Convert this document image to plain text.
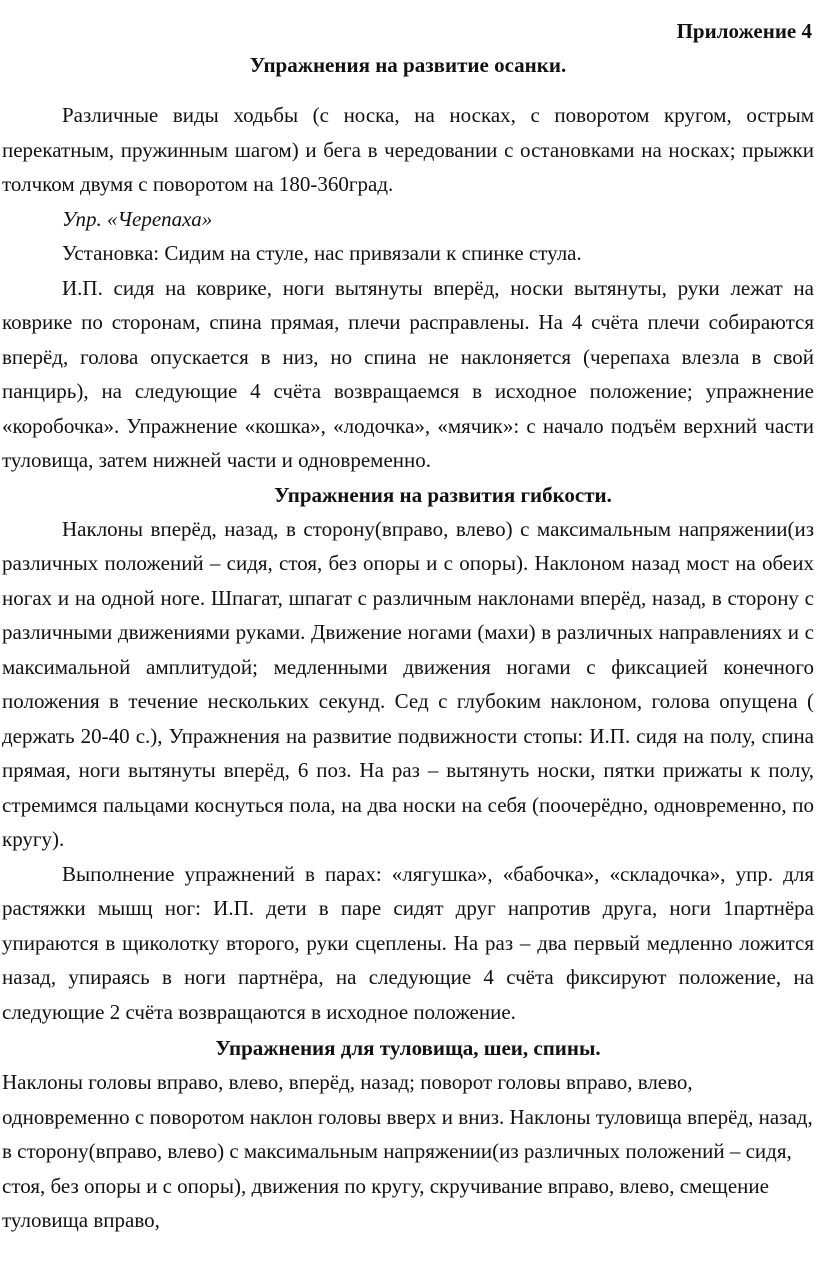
Приложение 4
Упражнения на развитие осанки.

Различные виды ходьбы (с носка, на носках, с поворотом кругом, острым перекатным, пружинным шагом) и бега в чередовании с остановками на носках; прыжки толчком двумя с поворотом на 180-360град.

Упр. «Черепаха»

Установка: Сидим на стуле, нас привязали к спинке стула.

И.П. сидя на коврике, ноги вытянуты вперёд, носки вытянуты, руки лежат на коврике по сторонам, спина прямая, плечи расправлены. На 4 счёта плечи собираются вперёд, голова опускается в низ, но спина не наклоняется (черепаха влезла в свой панцирь), на следующие 4 счёта возвращаемся в исходное положение; упражнение «коробочка». Упражнение «кошка», «лодочка», «мячик»: с начало подъём верхний части туловища, затем нижней части и одновременно.

Упражнения на развития гибкости.

Наклоны вперёд, назад, в сторону(вправо, влево) с максимальным напряжении(из различных положений – сидя, стоя, без опоры и с опоры). Наклоном назад мост на обеих ногах и на одной ноге. Шпагат, шпагат с различным наклонами вперёд, назад, в сторону с различными движениями руками. Движение ногами (махи) в различных направлениях и с максимальной амплитудой; медленными движения ногами с фиксацией конечного положения в течение нескольких секунд. Сед с глубоким наклоном, голова опущена ( держать 20-40 с.), Упражнения на развитие подвижности стопы: И.П. сидя на полу, спина прямая, ноги вытянуты вперёд, 6 поз. На раз – вытянуть носки, пятки прижаты к полу, стремимся пальцами коснуться пола, на два носки на себя (поочерёдно, одновременно, по кругу).

Выполнение упражнений в парах: «лягушка», «бабочка», «складочка», упр. для растяжки мышц ног: И.П. дети в паре сидят друг напротив друга, ноги 1партнёра упираются в щиколотку второго, руки сцеплены. На раз – два первый медленно ложится назад, упираясь в ноги партнёра, на следующие 4 счёта фиксируют положение, на следующие 2 счёта возвращаются в исходное положение.

Упражнения для туловища, шеи, спины.

Наклоны головы вправо, влево, вперёд, назад; поворот головы вправо, влево, одновременно с поворотом наклон головы вверх и вниз. Наклоны туловища вперёд, назад, в сторону(вправо, влево) с максимальным напряжении(из различных положений – сидя, стоя, без опоры и с опоры), движения по кругу, скручивание вправо, влево, смещение туловища вправо,
